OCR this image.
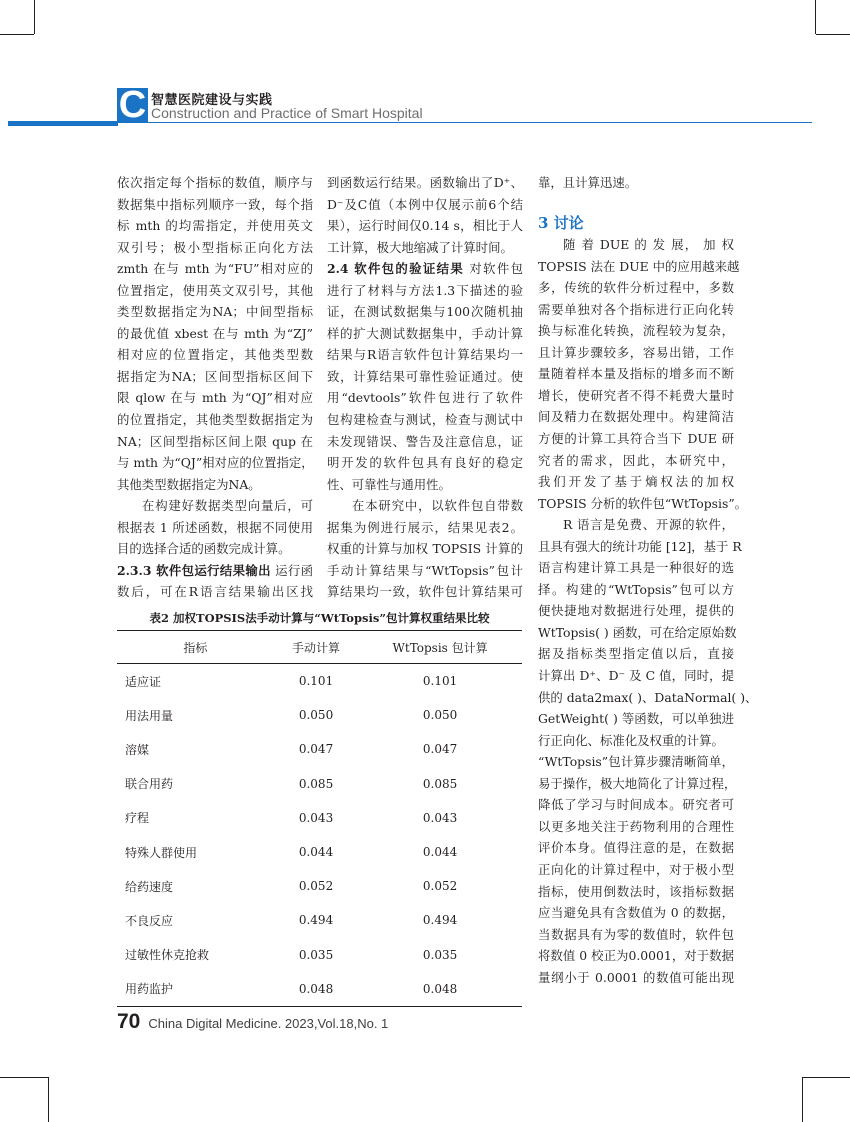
C 智慧医院建设与实践
Construction and Practice of Smart Hospital
依次指定每个指标的数值，顺序与
数据集中指标列顺序一致，每个指
标 mth 的均需指定，并使用英文
双引号；极小型指标正向化方法
zmth 在与 mth 为“FU”相对应的
位置指定，使用英文双引号，其他
类型数据指定为NA；中间型指标
的最优值 xbest 在与 mth 为“ZJ”
相对应的位置指定，其他类型数
据指定为NA；区间型指标区间下
限 qlow 在与 mth 为“QJ”相对应
的位置指定，其他类型数据指定为
NA；区间型指标区间上限 qup 在
与 mth 为“QJ”相对应的位置指定，
其他类型数据指定为NA。
在构建好数据类型向量后，可
根据表 1 所述函数，根据不同使用
目的选择合适的函数完成计算。
2.3.3 软件包运行结果输出 运行函
数后，可在R语言结果输出区找
到函数运行结果。函数输出了D⁺、
D⁻及C值（本例中仅展示前6个结
果），运行时间仅0.14 s，相比于人
工计算，极大地缩减了计算时间。
2.4 软件包的验证结果 对软件包
进行了材料与方法1.3下描述的验
证，在测试数据集与100次随机抽
样的扩大测试数据集中，手动计算
结果与R语言软件包计算结果均一
致，计算结果可靠性验证通过。使
用“devtools”软件包进行了软件
包构建检查与测试，检查与测试中
未发现错误、警告及注意信息，证
明开发的软件包具有良好的稳定
性、可靠性与通用性。
在本研究中，以软件包自带数
据集为例进行展示，结果见表2。
权重的计算与加权 TOPSIS 计算的
手动计算结果与“WtTopsis”包计
算结果均一致，软件包计算结果可
靠，且计算迅速。
3 讨论
随 着 DUE 的 发 展， 加 权
TOPSIS 法在 DUE 中的应用越来越
多，传统的软件分析过程中，多数
需要单独对各个指标进行正向化转
换与标准化转换，流程较为复杂，
且计算步骤较多，容易出错，工作
量随着样本量及指标的增多而不断
增长，使研究者不得不耗费大量时
间及精力在数据处理中。构建简洁
方便的计算工具符合当下 DUE 研
究者的需求，因此，本研究中，
我们开发了基于熵权法的加权
TOPSIS 分析的软件包“WtTopsis”。
R 语言是免费、开源的软件，
且具有强大的统计功能 [12]，基于 R
语言构建计算工具是一种很好的选
择。构建的“WtTopsis”包可以方
便快捷地对数据进行处理，提供的
WtTopsis( ) 函数，可在给定原始数
据及指标类型指定值以后，直接
计算出 D⁺、D⁻ 及 C 值，同时，提
供的 data2max( )、DataNormal( )、
GetWeight( ) 等函数，可以单独进
行正向化、标准化及权重的计算。
“WtTopsis”包计算步骤清晰简单，
易于操作，极大地简化了计算过程，
降低了学习与时间成本。研究者可
以更多地关注于药物利用的合理性
评价本身。值得注意的是，在数据
正向化的计算过程中，对于极小型
指标，使用倒数法时，该指标数据
应当避免具有含数值为 0 的数据，
当数据具有为零的数值时，软件包
将数值 0 校正为0.0001，对于数据
量纲小于 0.0001 的数值可能出现
表2 加权TOPSIS法手动计算与“WtTopsis”包计算权重结果比较
指标	手动计算	WtTopsis 包计算
适应证	0.101	0.101
用法用量	0.050	0.050
溶媒	0.047	0.047
联合用药	0.085	0.085
疗程	0.043	0.043
特殊人群使用	0.044	0.044
给药速度	0.052	0.052
不良反应	0.494	0.494
过敏性休克抢救	0.035	0.035
用药监护	0.048	0.048
70 China Digital Medicine. 2023,Vol.18,No. 1
